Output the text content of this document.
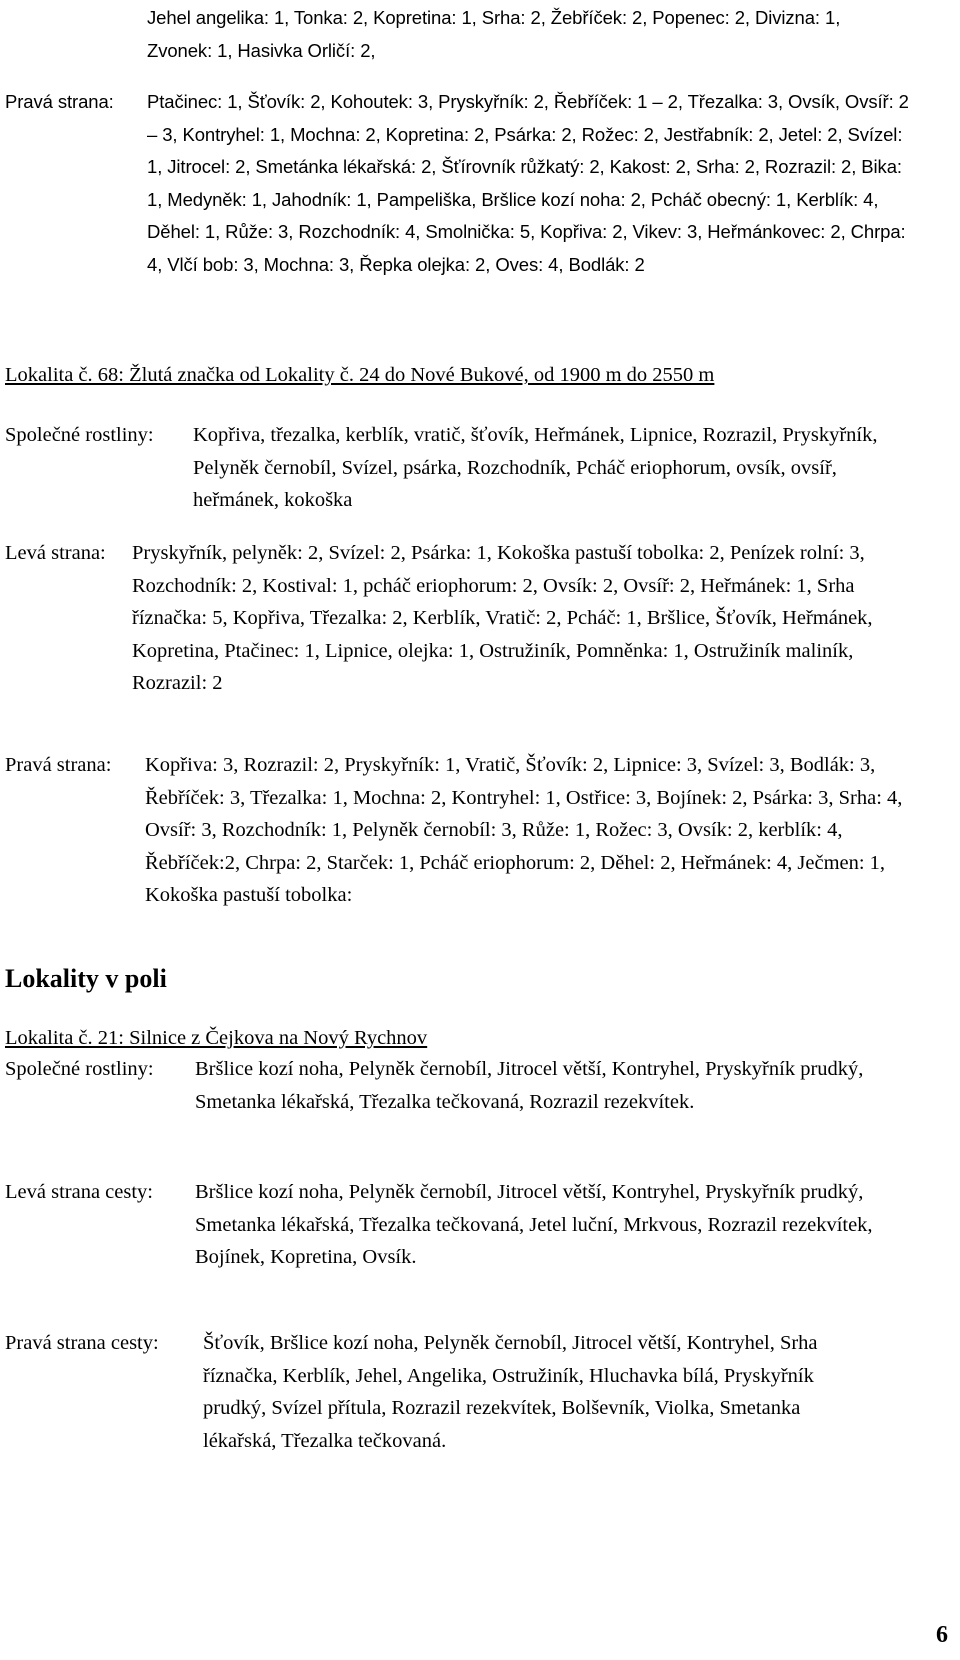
Jehel angelika: 1, Tonka: 2, Kopretina: 1, Srha: 2, Žebříček: 2, Popenec: 2, Divizna: 1, Zvonek: 1, Hasivka Orličí: 2,
Pravá strana:	Ptačinec: 1, Šťovík: 2, Kohoutek: 3, Pryskyřník: 2, Řebříček: 1 – 2, Třezalka: 3, Ovsík, Ovsíř: 2 – 3, Kontryhel: 1, Mochna: 2, Kopretina: 2, Psárka: 2, Rožec: 2, Jestřabník: 2, Jetel: 2, Svízel: 1, Jitrocel: 2, Smetánka lékařská: 2, Šťírovník růžkatý: 2, Kakost: 2, Srha: 2, Rozrazil: 2, Bika: 1, Medyněk: 1, Jahodník: 1, Pampeliška, Bršlice kozí noha: 2, Pcháč obecný: 1, Kerblík: 4, Děhel: 1, Růže: 3, Rozchodník: 4, Smolnička: 5, Kopřiva: 2, Vikev: 3, Heřmánkovec: 2, Chrpa: 4, Vlčí bob: 3, Mochna: 3, Řepka olejka: 2, Oves: 4, Bodlák: 2
Lokalita č. 68: Žlutá značka od Lokality č. 24 do Nové Bukové, od 1900 m do 2550 m
Společné rostliny:	Kopřiva, třezalka, kerblík, vratič, šťovík, Heřmánek, Lipnice, Rozrazil, Pryskyřník, Pelyněk černobíl, Svízel, psárka, Rozchodník, Pcháč eriophorum, ovsík, ovsíř, heřmánek, kokoška
Levá strana:	Pryskyřník, pelyněk: 2, Svízel: 2, Psárka: 1, Kokoška pastuší tobolka: 2, Penízek rolní: 3, Rozchodník: 2, Kostival: 1, pcháč eriophorum: 2, Ovsík: 2, Ovsíř: 2, Heřmánek: 1, Srha říznačka: 5, Kopřiva, Třezalka: 2, Kerblík, Vratič: 2, Pcháč: 1, Bršlice, Šťovík, Heřmánek, Kopretina, Ptačinec: 1, Lipnice, olejka: 1, Ostružiník, Pomněnka: 1, Ostružiník maliník, Rozrazil: 2
Pravá strana:	Kopřiva: 3, Rozrazil: 2, Pryskyřník: 1, Vratič, Šťovík: 2, Lipnice: 3, Svízel: 3, Bodlák: 3, Řebříček: 3, Třezalka: 1, Mochna: 2, Kontryhel: 1, Ostřice: 3, Bojínek: 2, Psárka: 3, Srha: 4, Ovsíř: 3, Rozchodník: 1, Pelyněk černobíl: 3, Růže: 1, Rožec: 3, Ovsík: 2, kerblík: 4, Řebříček:2, Chrpa: 2, Starček: 1, Pcháč eriophorum: 2, Děhel: 2, Heřmánek: 4, Ječmen: 1, Kokoška pastuší tobolka:
Lokality v poli
Lokalita č. 21: Silnice z Čejkova na Nový Rychnov
Společné rostliny:	Bršlice kozí noha, Pelyněk černobíl, Jitrocel větší, Kontryhel, Pryskyřník prudký, Smetanka lékařská, Třezalka tečkovaná, Rozrazil rezekvítek.
Levá strana cesty:	Bršlice kozí noha, Pelyněk černobíl, Jitrocel větší, Kontryhel, Pryskyřník prudký, Smetanka lékařská, Třezalka tečkovaná, Jetel luční, Mrkvous, Rozrazil rezekvítek, Bojínek, Kopretina, Ovsík.
Pravá strana cesty:	Šťovík, Bršlice kozí noha, Pelyněk černobíl, Jitrocel větší, Kontryhel, Srha říznačka, Kerblík, Jehel, Angelika, Ostružiník, Hluchavka bílá, Pryskyřník prudký, Svízel přítula, Rozrazil rezekvítek, Bolševník, Violka, Smetanka lékařská, Třezalka tečkovaná.
6
